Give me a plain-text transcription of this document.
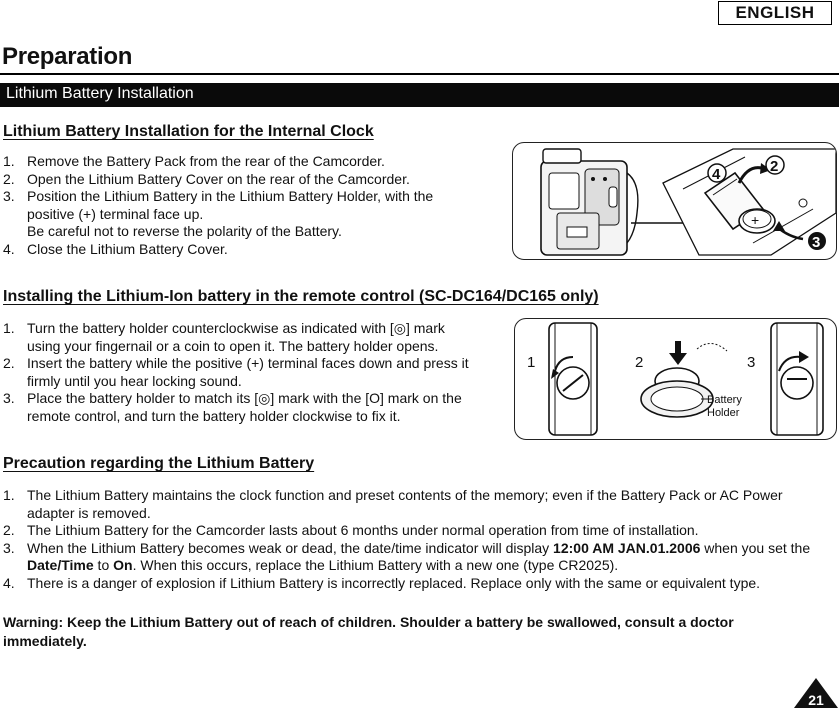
ENGLISH
Preparation
Lithium Battery Installation
Lithium Battery Installation for the Internal Clock
1. Remove the Battery Pack from the rear of the Camcorder.
2. Open the Lithium Battery Cover on the rear of the Camcorder.
3. Position the Lithium Battery in the Lithium Battery Holder, with the positive (+) terminal face up.
Be careful not to reverse the polarity of the Battery.
4. Close the Lithium Battery Cover.
+
4	2
3
Installing the Lithium-Ion battery in the remote control (SC-DC164/DC165 only)
1. Turn the battery holder counterclockwise as indicated with [◎] mark using your fingernail or a coin to open it. The battery holder opens.
2. Insert the battery while the positive (+) terminal faces down and press it firmly until you hear locking sound.
3. Place the battery holder to match its [◎] mark with the [O] mark on the remote control, and turn the battery holder clockwise to fix it.
1	2
Battery
Holder
3
Precaution regarding the Lithium Battery
1. The Lithium Battery maintains the clock function and preset contents of the memory; even if the Battery Pack or AC Power adapter is removed.
2. The Lithium Battery for the Camcorder lasts about 6 months under normal operation from time of installation.
3. When the Lithium Battery becomes weak or dead, the date/time indicator will display 12:00 AM JAN.01.2006 when you set the Date/Time to On. When this occurs, replace the Lithium Battery with a new one (type CR2025).
4. There is a danger of explosion if Lithium Battery is incorrectly replaced. Replace only with the same or equivalent type.
Warning: Keep the Lithium Battery out of reach of children. Shoulder a battery be swallowed, consult a doctor immediately.
21
